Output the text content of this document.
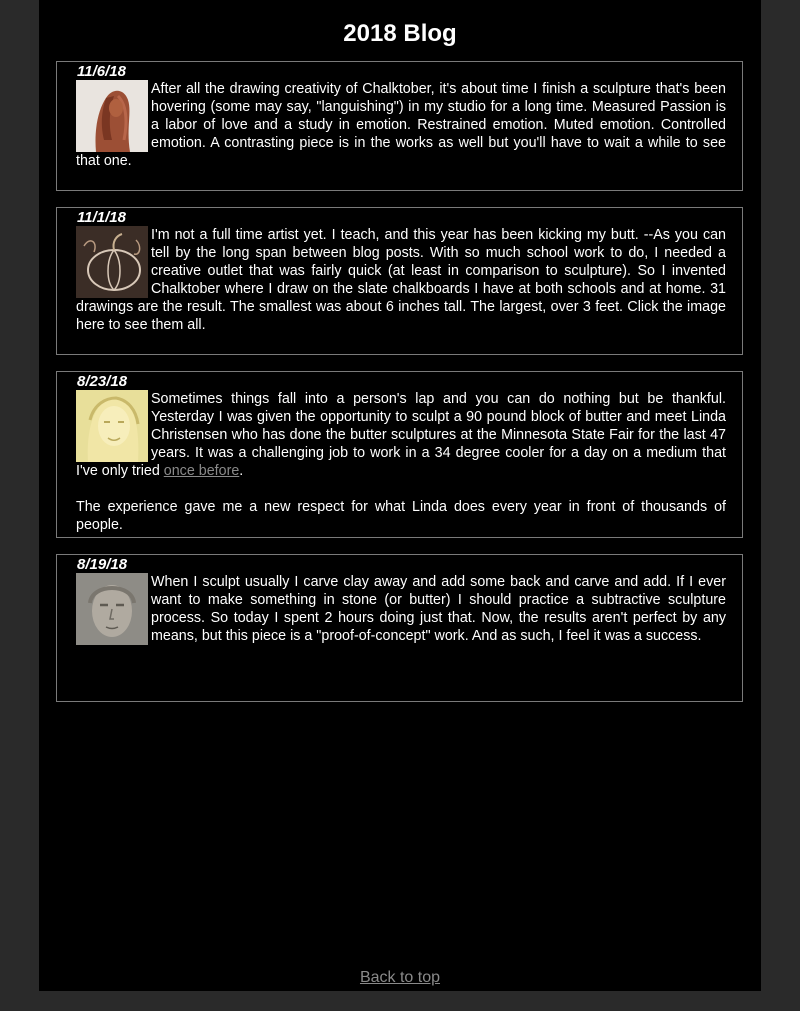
2018 Blog
11/6/18

After all the drawing creativity of Chalktober, it's about time I finish a sculpture that's been hovering (some may say, "languishing") in my studio for a long time. Measured Passion is a labor of love and a study in emotion. Restrained emotion. Muted emotion. Controlled emotion. A contrasting piece is in the works as well but you'll have to wait a while to see that one.

11/1/18

I'm not a full time artist yet. I teach, and this year has been kicking my butt. --As you can tell by the long span between blog posts. With so much school work to do, I needed a creative outlet that was fairly quick (at least in comparison to sculpture). So I invented Chalktober where I draw on the slate chalkboards I have at both schools and at home. 31 drawings are the result. The smallest was about 6 inches tall. The largest, over 3 feet. Click the image here to see them all.

8/23/18

Sometimes things fall into a person's lap and you can do nothing but be thankful. Yesterday I was given the opportunity to sculpt a 90 pound block of butter and meet Linda Christensen who has done the butter sculptures at the Minnesota State Fair for the last 47 years. It was a challenging job to work in a 34 degree cooler for a day on a medium that I've only tried once before.

The experience gave me a new respect for what Linda does every year in front of thousands of people.

8/19/18

When I sculpt usually I carve clay away and add some back and carve and add. If I ever want to make something in stone (or butter) I should practice a subtractive sculpture process. So today I spent 2 hours doing just that. Now, the results aren't perfect by any means, but this piece is a "proof-of-concept" work. And as such, I feel it was a success.

Back to top
